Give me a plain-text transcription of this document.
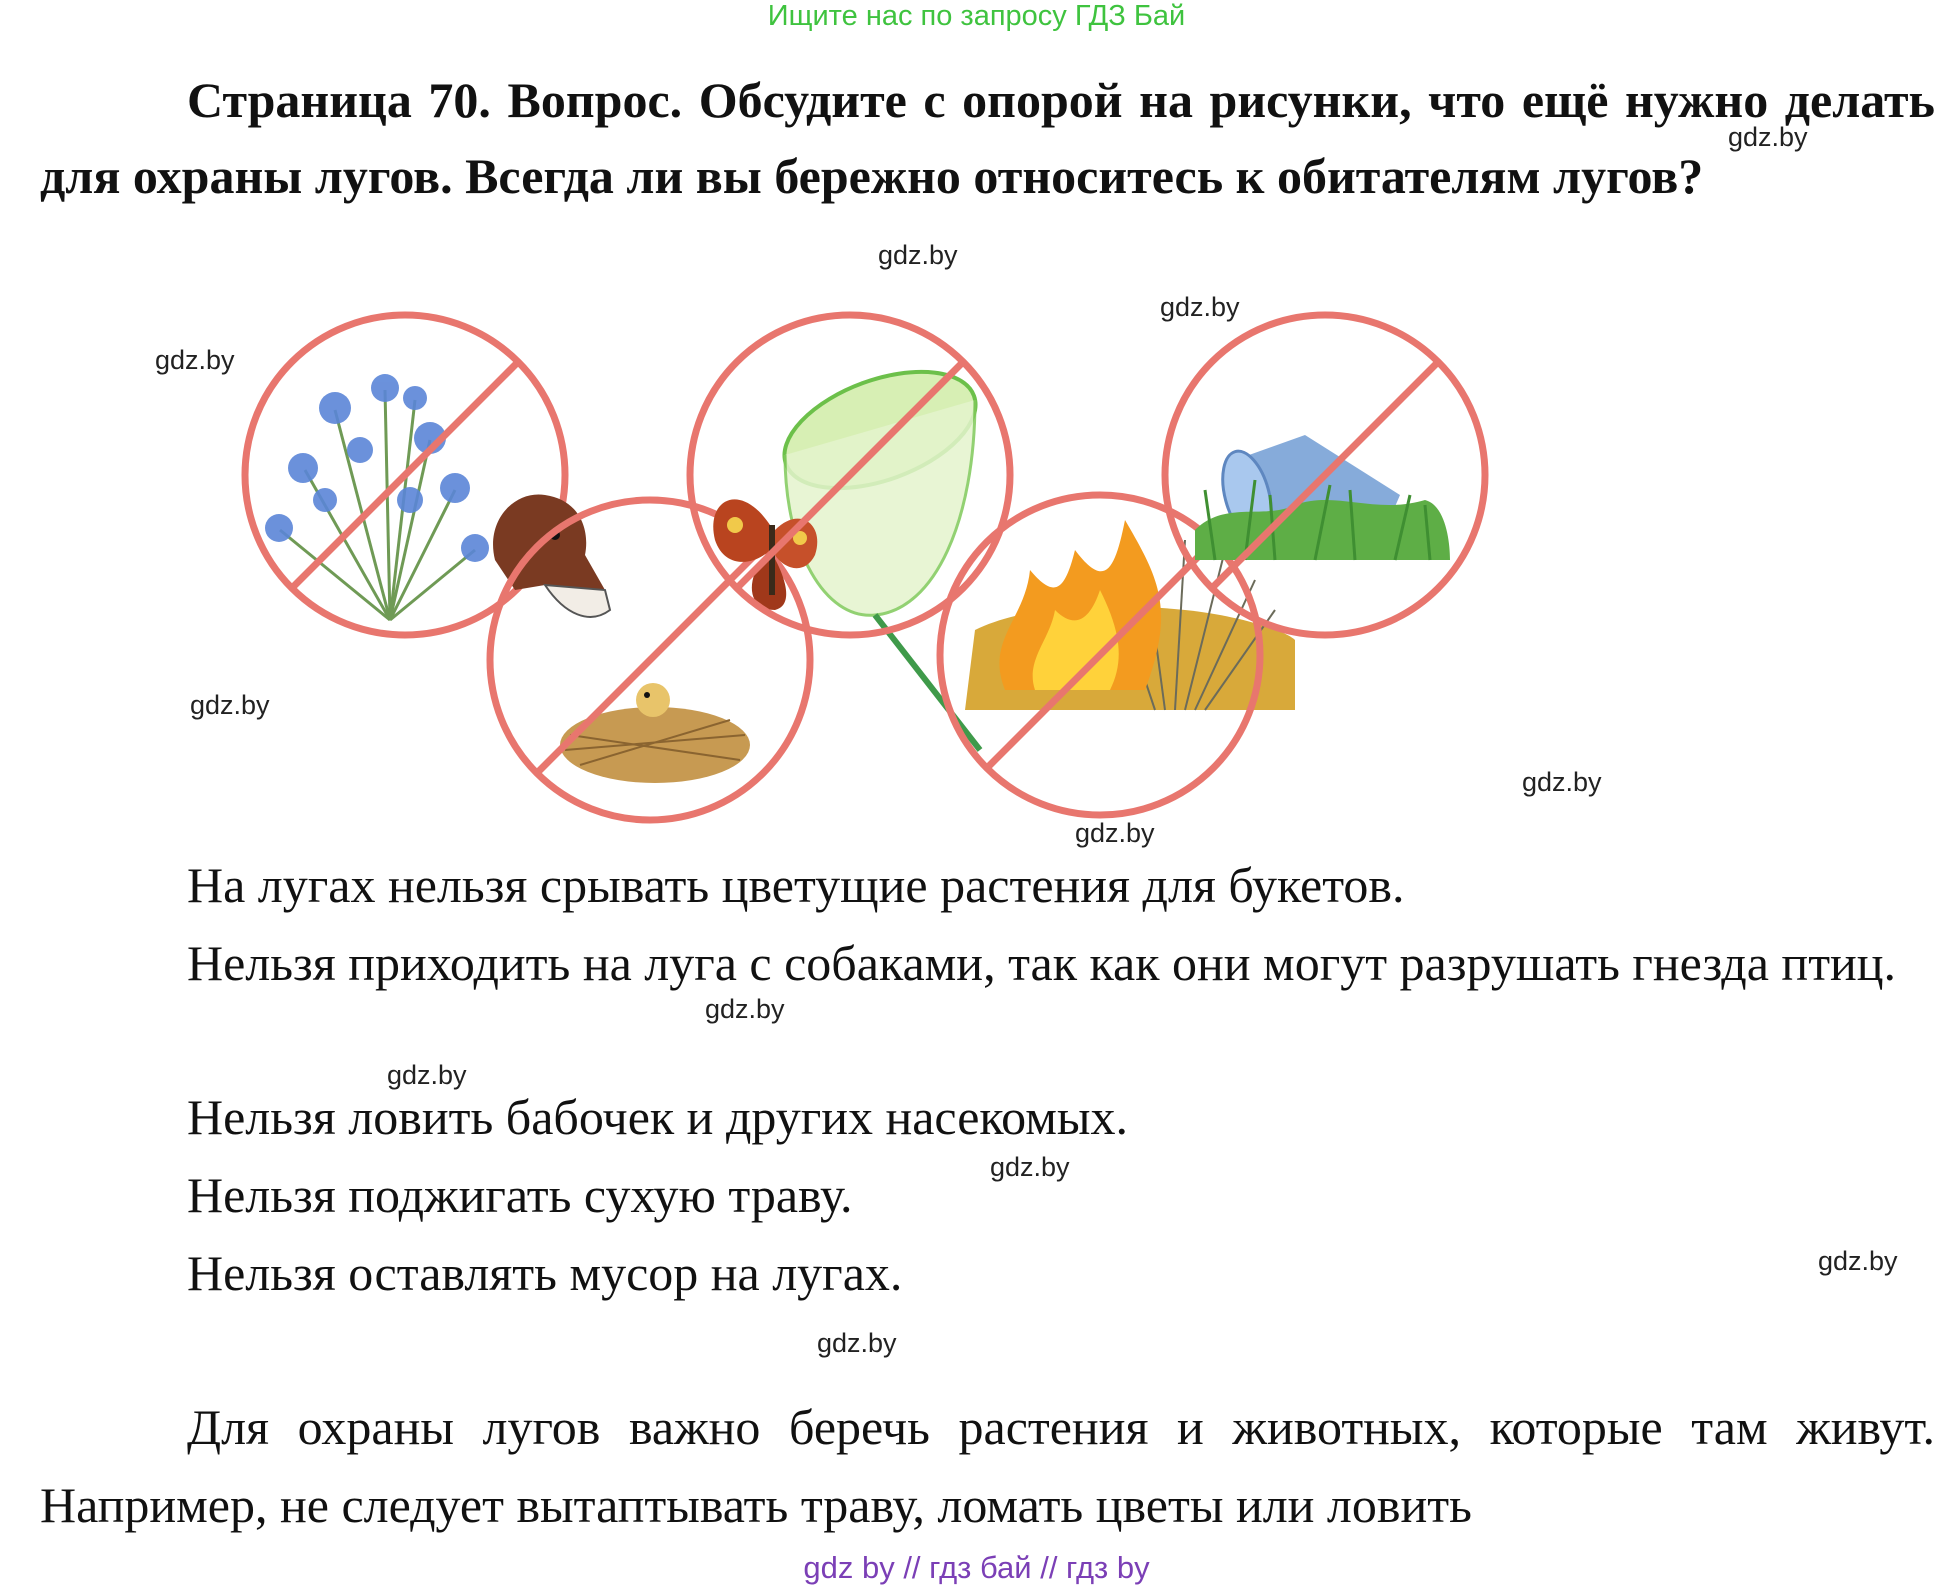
Ищите нас по запросу ГДЗ Бай
Страница 70. Вопрос. Обсудите с опорой на рисунки, что ещё нужно делать для охраны лугов. Всегда ли вы бережно относитесь к обитателям лугов?
gdz.by
gdz.by
gdz.by
gdz.by
gdz.by
gdz.by
gdz.by
На лугах нельзя срывать цветущие растения для букетов.
Нельзя приходить на луга с собаками, так как они могут разрушать гнезда птиц.
gdz.by
gdz.by
Нельзя ловить бабочек и других насекомых.
gdz.by
Нельзя поджигать сухую траву.
Нельзя оставлять мусор на лугах.	gdz.by
gdz.by
Для охраны лугов важно беречь растения и животных, которые там живут. Например, не следует вытаптывать траву, ломать цветы или ловить
gdz by // гдз бай // гдз by
